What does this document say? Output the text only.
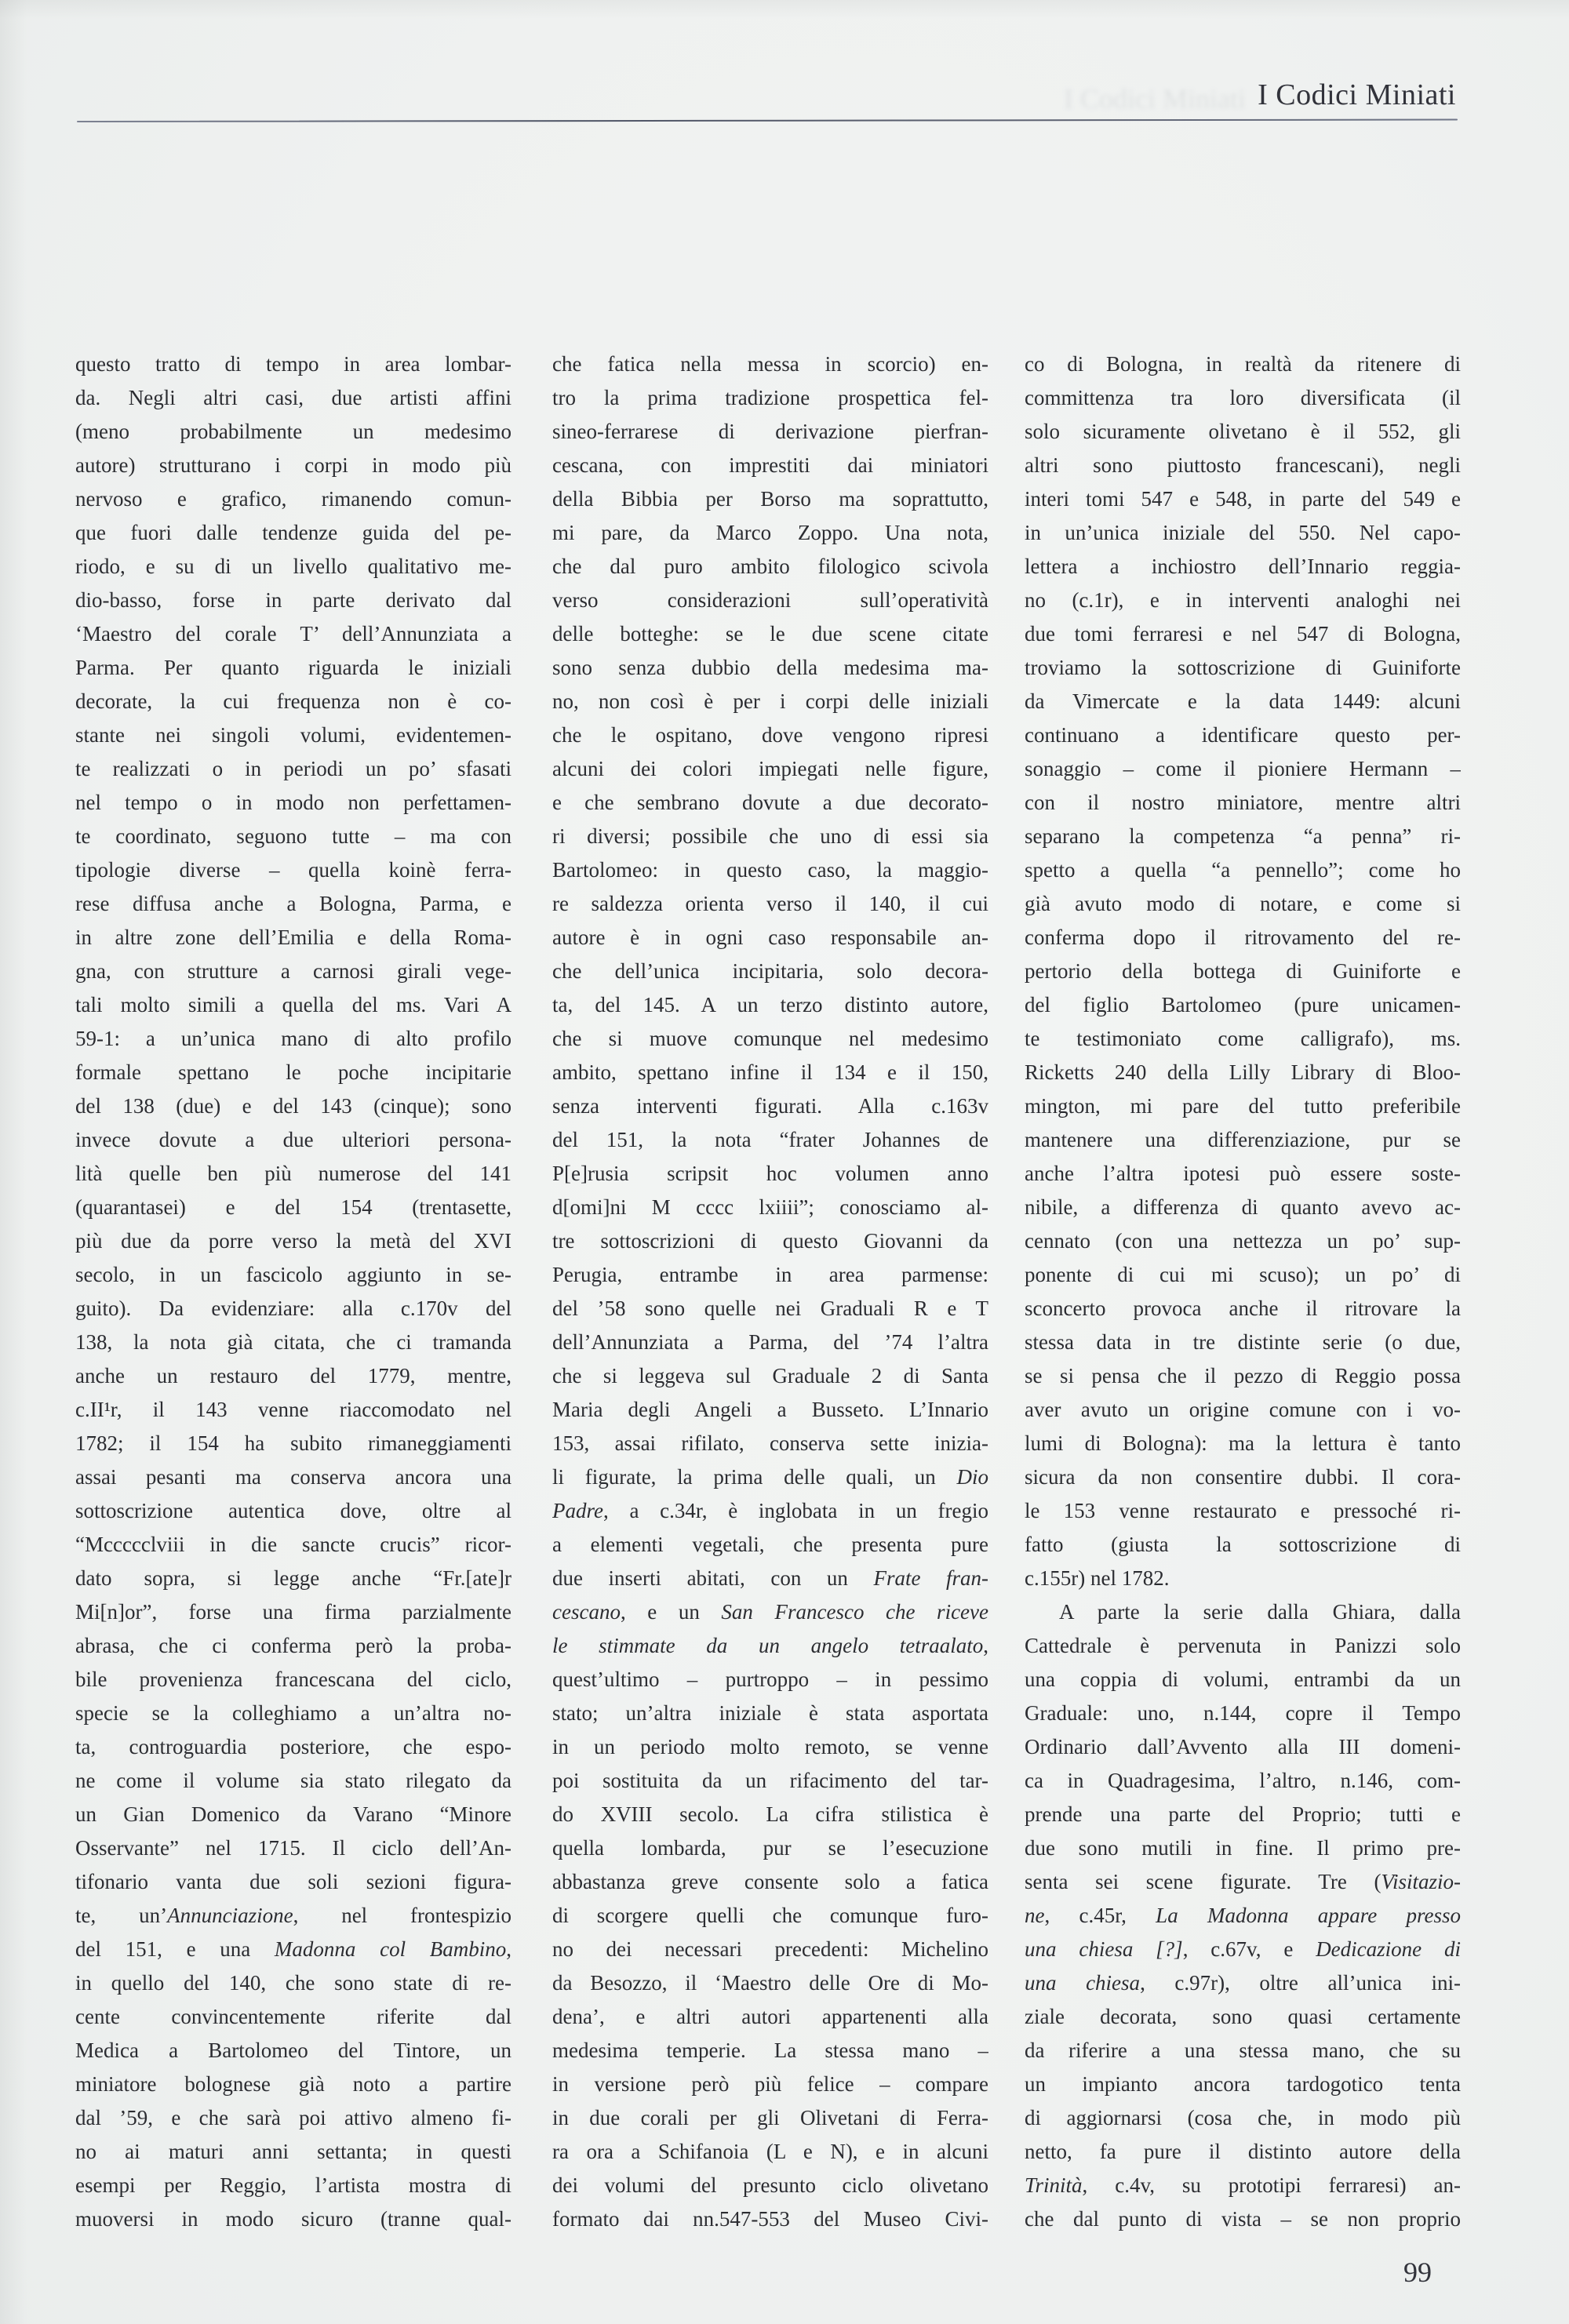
I Codici Miniati I Codici Miniati
questo tratto di tempo in area lombar-
da. Negli altri casi, due artisti affini
(meno probabilmente un medesimo
autore) strutturano i corpi in modo più
nervoso e grafico, rimanendo comun-
que fuori dalle tendenze guida del pe-
riodo, e su di un livello qualitativo me-
dio-basso, forse in parte derivato dal
‘Maestro del corale T’ dell’Annunziata a
Parma. Per quanto riguarda le iniziali
decorate, la cui frequenza non è co-
stante nei singoli volumi, evidentemen-
te realizzati o in periodi un po’ sfasati
nel tempo o in modo non perfettamen-
te coordinato, seguono tutte – ma con
tipologie diverse – quella koinè ferra-
rese diffusa anche a Bologna, Parma, e
in altre zone dell’Emilia e della Roma-
gna, con strutture a carnosi girali vege-
tali molto simili a quella del ms. Vari A
59-1: a un’unica mano di alto profilo
formale spettano le poche incipitarie
del 138 (due) e del 143 (cinque); sono
invece dovute a due ulteriori persona-
lità quelle ben più numerose del 141
(quarantasei) e del 154 (trentasette,
più due da porre verso la metà del XVI
secolo, in un fascicolo aggiunto in se-
guito). Da evidenziare: alla c.170v del
138, la nota già citata, che ci tramanda
anche un restauro del 1779, mentre,
c.II¹r, il 143 venne riaccomodato nel
1782; il 154 ha subito rimaneggiamenti
assai pesanti ma conserva ancora una
sottoscrizione autentica dove, oltre al
“Mccccclviii in die sancte crucis” ricor-
dato sopra, si legge anche “Fr.[ate]r
Mi[n]or”, forse una firma parzialmente
abrasa, che ci conferma però la proba-
bile provenienza francescana del ciclo,
specie se la colleghiamo a un’altra no-
ta, controguardia posteriore, che espo-
ne come il volume sia stato rilegato da
un Gian Domenico da Varano “Minore
Osservante” nel 1715. Il ciclo dell’An-
tifonario vanta due soli sezioni figura-
te, un’Annunciazione, nel frontespizio
del 151, e una Madonna col Bambino,
in quello del 140, che sono state di re-
cente convincentemente riferite dal
Medica a Bartolomeo del Tintore, un
miniatore bolognese già noto a partire
dal ’59, e che sarà poi attivo almeno fi-
no ai maturi anni settanta; in questi
esempi per Reggio, l’artista mostra di
muoversi in modo sicuro (tranne qual-
che fatica nella messa in scorcio) en-
tro la prima tradizione prospettica fel-
sineo-ferrarese di derivazione pierfran-
cescana, con imprestiti dai miniatori
della Bibbia per Borso ma soprattutto,
mi pare, da Marco Zoppo. Una nota,
che dal puro ambito filologico scivola
verso considerazioni sull’operatività
delle botteghe: se le due scene citate
sono senza dubbio della medesima ma-
no, non così è per i corpi delle iniziali
che le ospitano, dove vengono ripresi
alcuni dei colori impiegati nelle figure,
e che sembrano dovute a due decorato-
ri diversi; possibile che uno di essi sia
Bartolomeo: in questo caso, la maggio-
re saldezza orienta verso il 140, il cui
autore è in ogni caso responsabile an-
che dell’unica incipitaria, solo decora-
ta, del 145. A un terzo distinto autore,
che si muove comunque nel medesimo
ambito, spettano infine il 134 e il 150,
senza interventi figurati. Alla c.163v
del 151, la nota “frater Johannes de
P[e]rusia scripsit hoc volumen anno
d[omi]ni M cccc lxiiii”; conosciamo al-
tre sottoscrizioni di questo Giovanni da
Perugia, entrambe in area parmense:
del ’58 sono quelle nei Graduali R e T
dell’Annunziata a Parma, del ’74 l’altra
che si leggeva sul Graduale 2 di Santa
Maria degli Angeli a Busseto. L’Innario
153, assai rifilato, conserva sette inizia-
li figurate, la prima delle quali, un Dio
Padre, a c.34r, è inglobata in un fregio
a elementi vegetali, che presenta pure
due inserti abitati, con un Frate fran-
cescano, e un San Francesco che riceve
le stimmate da un angelo tetraalato,
quest’ultimo – purtroppo – in pessimo
stato; un’altra iniziale è stata asportata
in un periodo molto remoto, se venne
poi sostituita da un rifacimento del tar-
do XVIII secolo. La cifra stilistica è
quella lombarda, pur se l’esecuzione
abbastanza greve consente solo a fatica
di scorgere quelli che comunque furo-
no dei necessari precedenti: Michelino
da Besozzo, il ‘Maestro delle Ore di Mo-
dena’, e altri autori appartenenti alla
medesima temperie. La stessa mano –
in versione però più felice – compare
in due corali per gli Olivetani di Ferra-
ra ora a Schifanoia (L e N), e in alcuni
dei volumi del presunto ciclo olivetano
formato dai nn.547-553 del Museo Civi-
co di Bologna, in realtà da ritenere di
committenza tra loro diversificata (il
solo sicuramente olivetano è il 552, gli
altri sono piuttosto francescani), negli
interi tomi 547 e 548, in parte del 549 e
in un’unica iniziale del 550. Nel capo-
lettera a inchiostro dell’Innario reggia-
no (c.1r), e in interventi analoghi nei
due tomi ferraresi e nel 547 di Bologna,
troviamo la sottoscrizione di Guiniforte
da Vimercate e la data 1449: alcuni
continuano a identificare questo per-
sonaggio – come il pioniere Hermann –
con il nostro miniatore, mentre altri
separano la competenza “a penna” ri-
spetto a quella “a pennello”; come ho
già avuto modo di notare, e come si
conferma dopo il ritrovamento del re-
pertorio della bottega di Guiniforte e
del figlio Bartolomeo (pure unicamen-
te testimoniato come calligrafo), ms.
Ricketts 240 della Lilly Library di Bloo-
mington, mi pare del tutto preferibile
mantenere una differenziazione, pur se
anche l’altra ipotesi può essere soste-
nibile, a differenza di quanto avevo ac-
cennato (con una nettezza un po’ sup-
ponente di cui mi scuso); un po’ di
sconcerto provoca anche il ritrovare la
stessa data in tre distinte serie (o due,
se si pensa che il pezzo di Reggio possa
aver avuto un origine comune con i vo-
lumi di Bologna): ma la lettura è tanto
sicura da non consentire dubbi. Il cora-
le 153 venne restaurato e pressoché ri-
fatto (giusta la sottoscrizione di
c.155r) nel 1782.
A parte la serie dalla Ghiara, dalla
Cattedrale è pervenuta in Panizzi solo
una coppia di volumi, entrambi da un
Graduale: uno, n.144, copre il Tempo
Ordinario dall’Avvento alla III domeni-
ca in Quadragesima, l’altro, n.146, com-
prende una parte del Proprio; tutti e
due sono mutili in fine. Il primo pre-
senta sei scene figurate. Tre (Visitazio-
ne, c.45r, La Madonna appare presso
una chiesa [?], c.67v, e Dedicazione di
una chiesa, c.97r), oltre all’unica ini-
ziale decorata, sono quasi certamente
da riferire a una stessa mano, che su
un impianto ancora tardogotico tenta
di aggiornarsi (cosa che, in modo più
netto, fa pure il distinto autore della
Trinità, c.4v, su prototipi ferraresi) an-
che dal punto di vista – se non proprio
99
